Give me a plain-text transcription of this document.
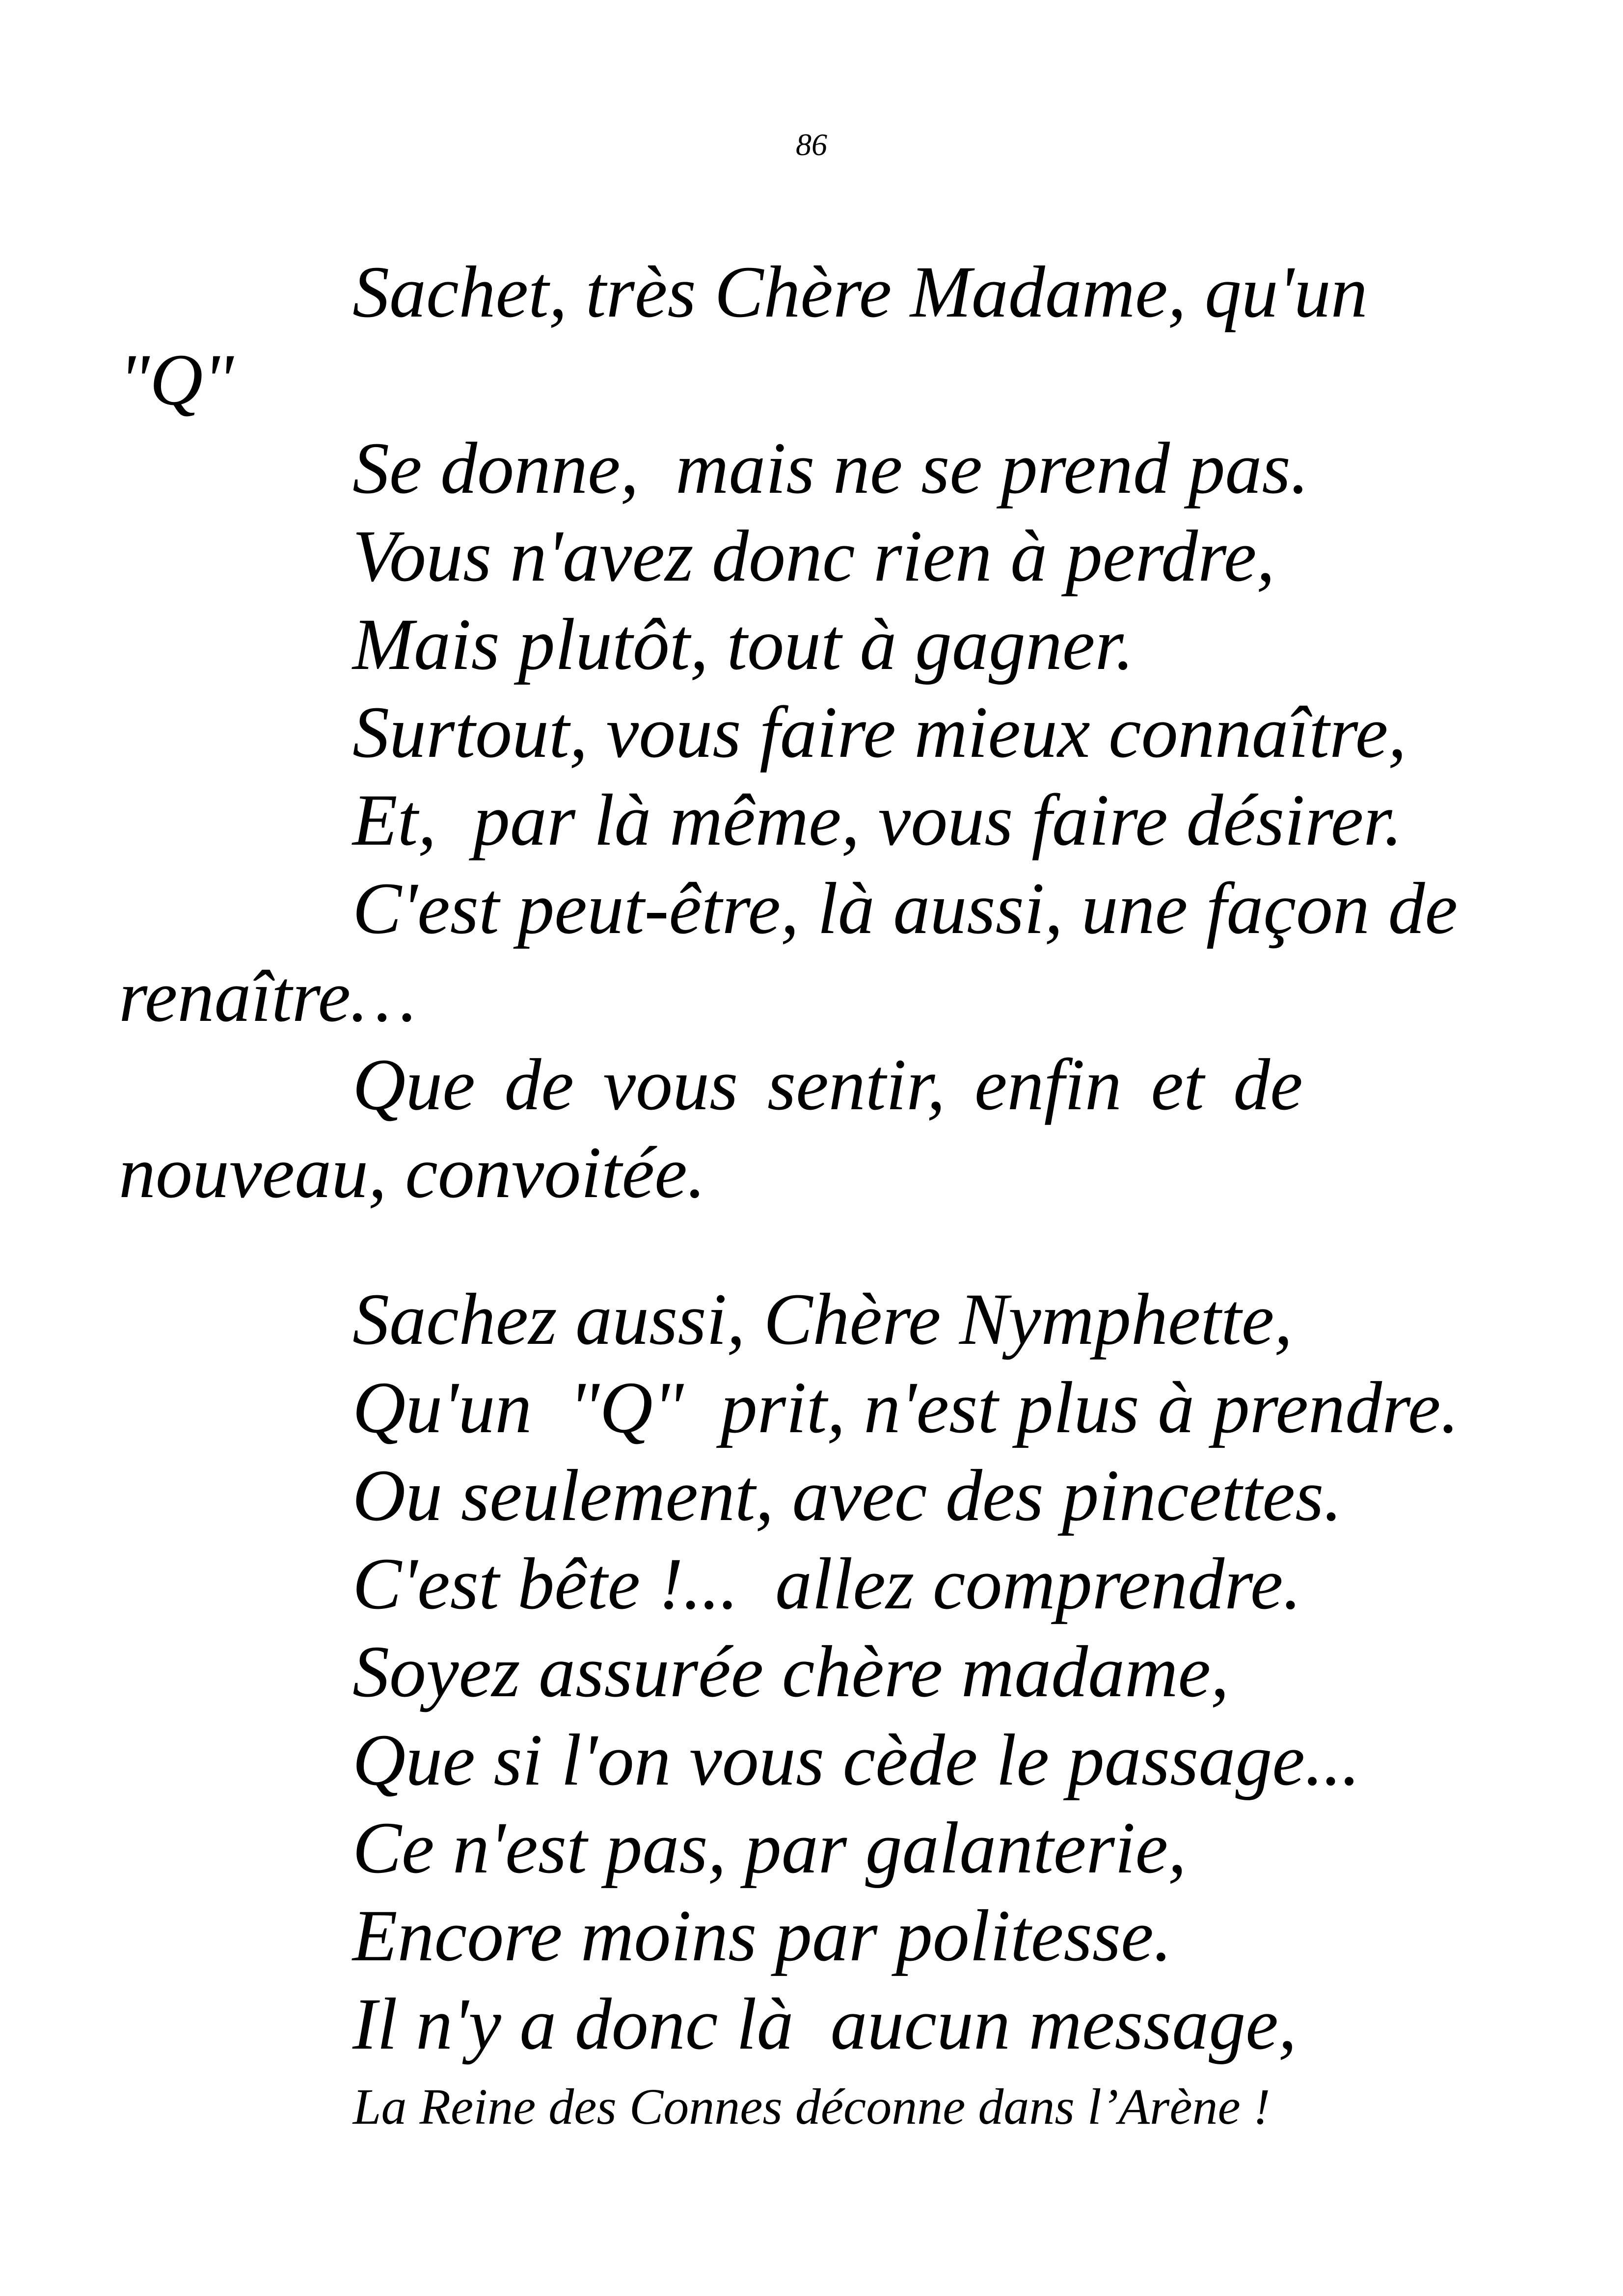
86
Sachet, très Chère Madame, qu'un
"Q"
Se donne,  mais ne se prend pas.
Vous n'avez donc rien à perdre,
Mais plutôt, tout à gagner.
Surtout, vous faire mieux connaître,
Et,  par là même, vous faire désirer.
C'est peut-être, là aussi, une façon de
renaître…
Que de vous sentir, enfin et de
nouveau, convoitée.
Sachez aussi, Chère Nymphette,
Qu'un  "Q"  prit, n'est plus à prendre.
Ou seulement, avec des pincettes.
C'est bête !...  allez comprendre.
Soyez assurée chère madame,
Que si l'on vous cède le passage...
Ce n'est pas, par galanterie,
Encore moins par politesse.
Il n'y a donc là  aucun message,
La Reine des Connes déconne dans l’Arène !
